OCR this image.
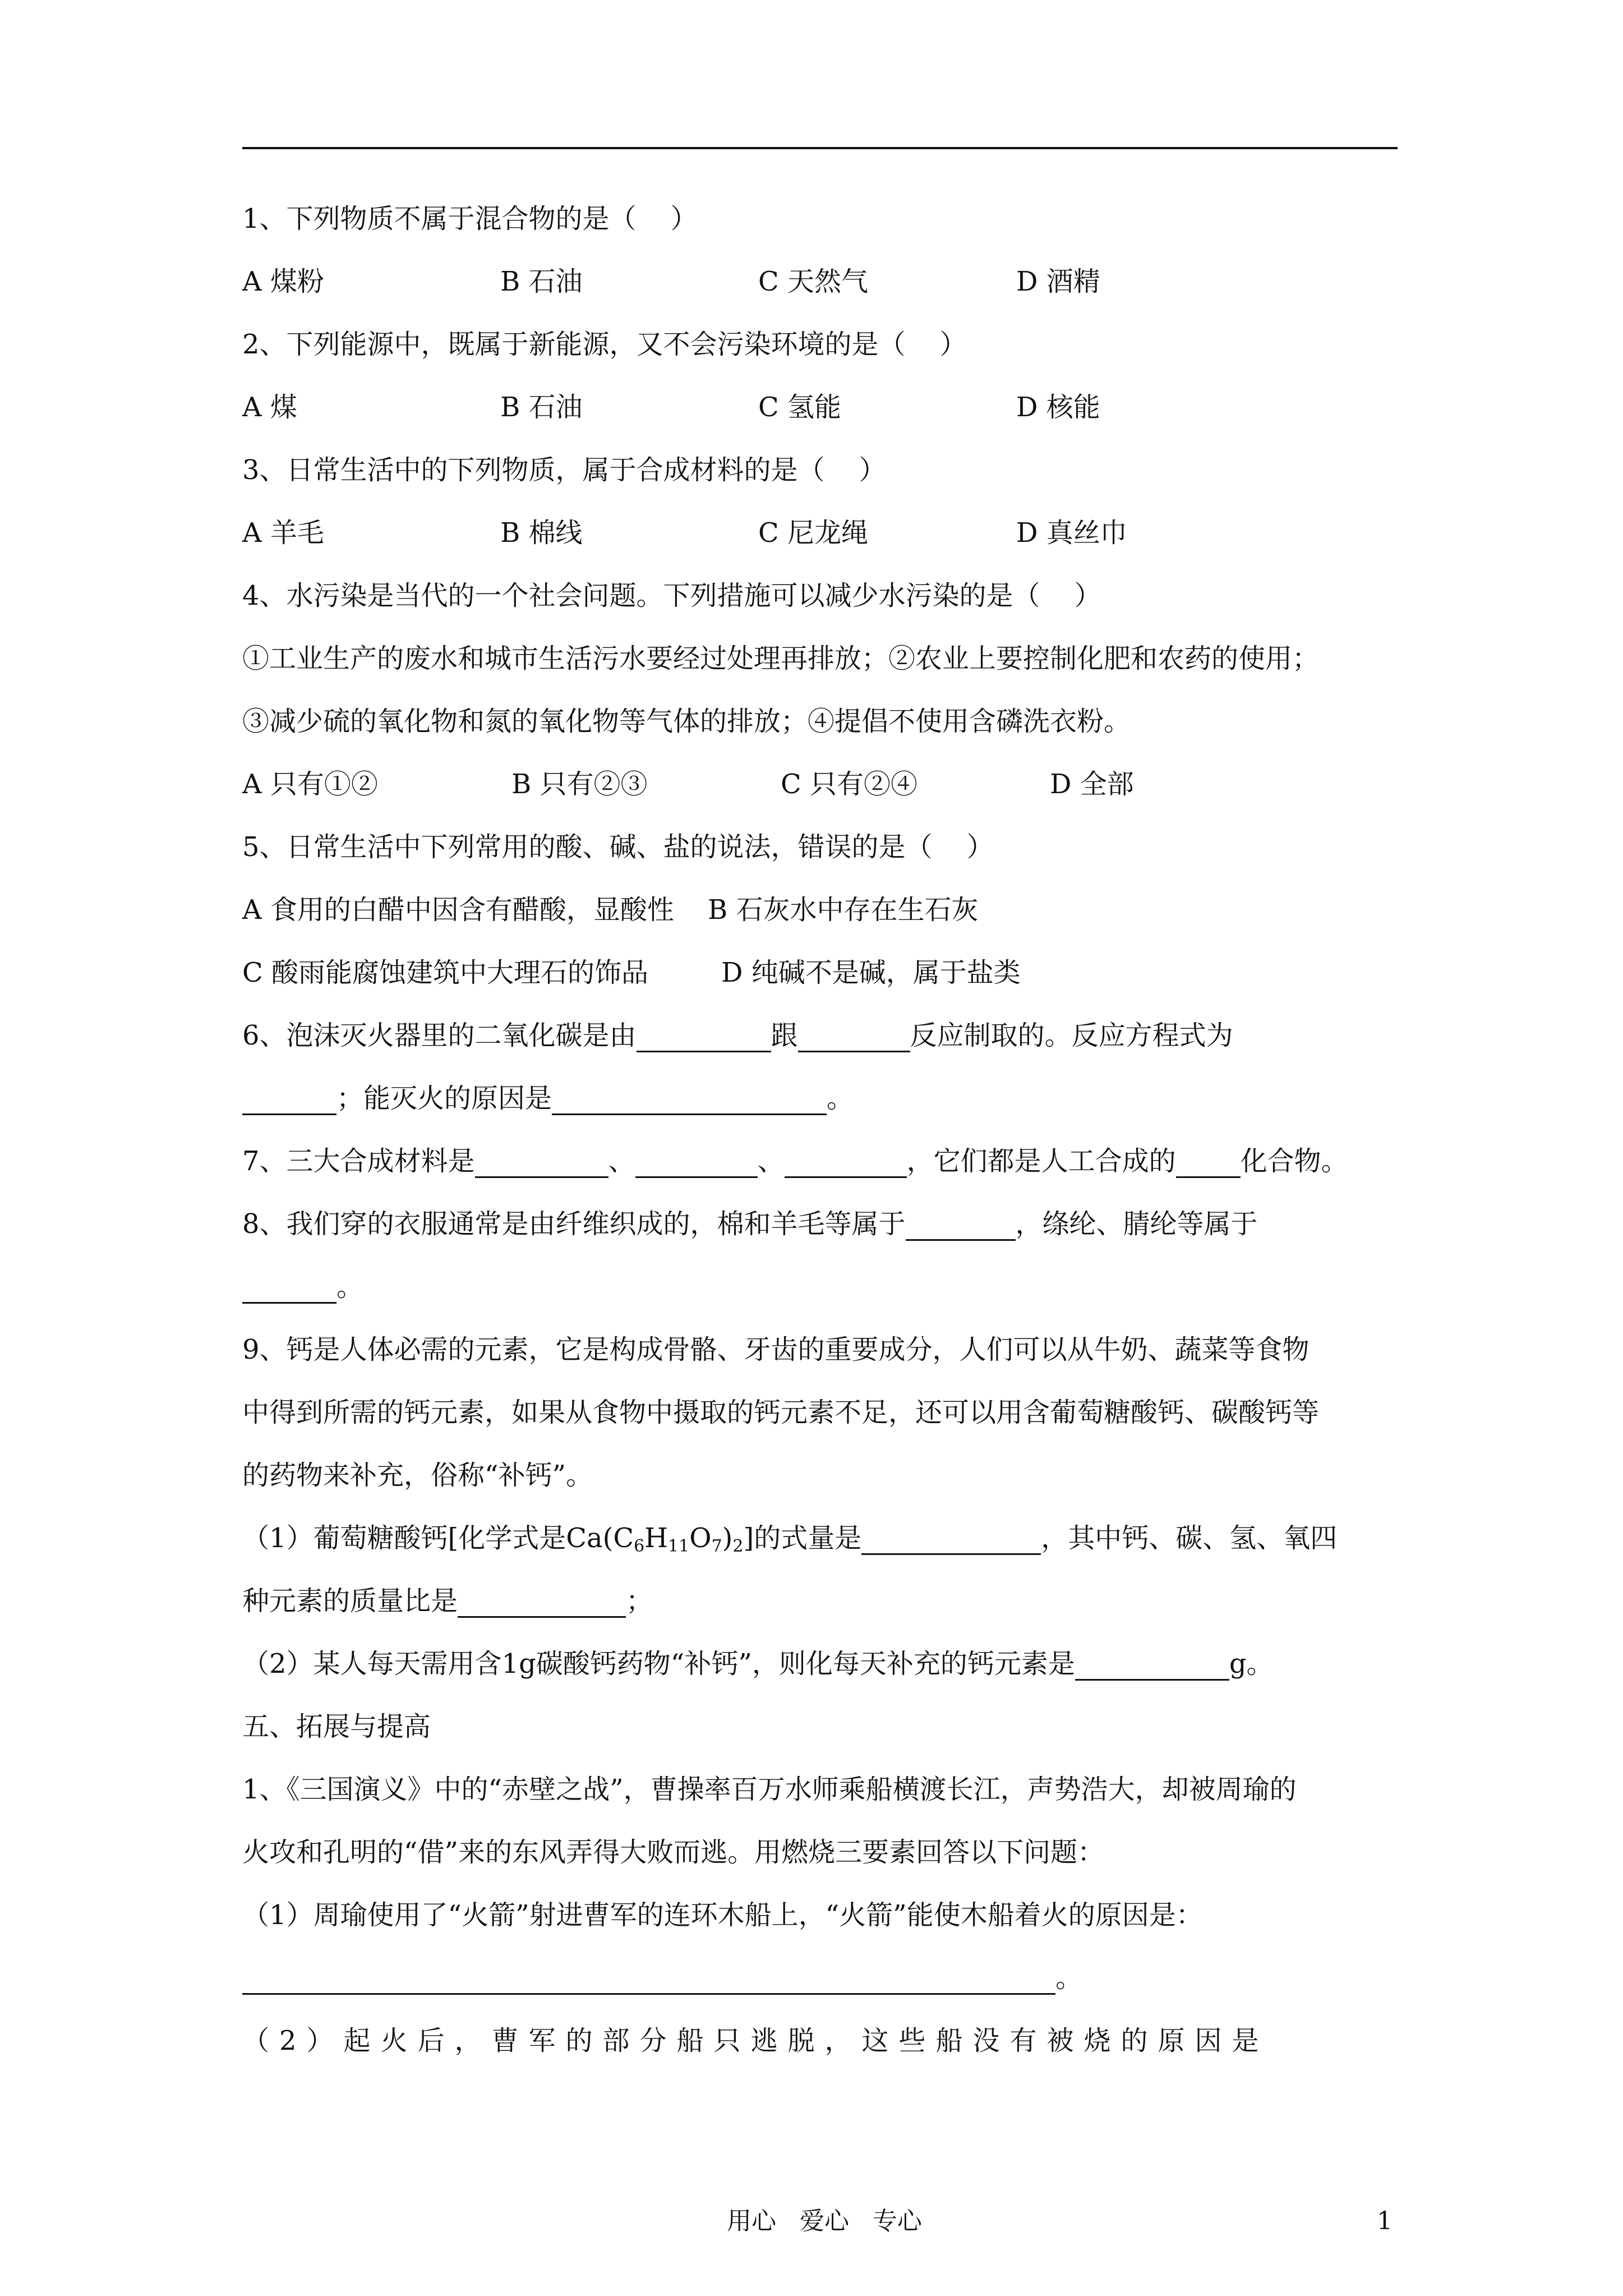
1、下列物质不属于混合物的是（    ）
A 煤粉	B 石油	C 天然气	D 酒精
2、下列能源中，既属于新能源，又不会污染环境的是（    ）
A 煤	B 石油	C 氢能	D 核能
3、日常生活中的下列物质，属于合成材料的是（    ）
A 羊毛	B 棉线	C 尼龙绳	D 真丝巾
4、水污染是当代的一个社会问题。下列措施可以减少水污染的是（    ）
①工业生产的废水和城市生活污水要经过处理再排放；②农业上要控制化肥和农药的使用；
③减少硫的氧化物和氮的氧化物等气体的排放；④提倡不使用含磷洗衣粉。
A 只有①②	B 只有②③	C 只有②④	D 全部
5、日常生活中下列常用的酸、碱、盐的说法，错误的是（    ）
A 食用的白醋中因含有醋酸，显酸性 B 石灰水中存在生石灰
C 酸雨能腐蚀建筑中大理石的饰品	D 纯碱不是碱，属于盐类
6、泡沫灭火器里的二氧化碳是由	跟	反应制取的。反应方程式为
；能灭火的原因是	。
7、三大合成材料是	、	、	，它们都是人工合成的 化合物。
8、我们穿的衣服通常是由纤维织成的，棉和羊毛等属于	，绦纶、腈纶等属于
。
9、钙是人体必需的元素，它是构成骨骼、牙齿的重要成分，人们可以从牛奶、蔬菜等食物
中得到所需的钙元素，如果从食物中摄取的钙元素不足，还可以用含葡萄糖酸钙、碳酸钙等
的药物来补充，俗称“补钙”。
（1）葡萄糖酸钙[化学式是$Ca(C_6H_{11}O_7)_2$]的式量是	，其中钙、碳、氢、氧四
种元素的质量比是	；
（2）某人每天需用含1g碳酸钙药物“补钙”，则化每天补充的钙元素是	g。
五、拓展与提高
1、《三国演义》中的“赤壁之战”，曹操率百万水师乘船横渡长江，声势浩大，却被周瑜的
火攻和孔明的“借”来的东风弄得大败而逃。用燃烧三要素回答以下问题：
（1）周瑜使用了“火箭”射进曹军的连环木船上，“火箭”能使木船着火的原因是：
。
（2）起火后，曹军的部分船只逃脱，这些船没有被烧的原因是
用心   爱心   专心	1
